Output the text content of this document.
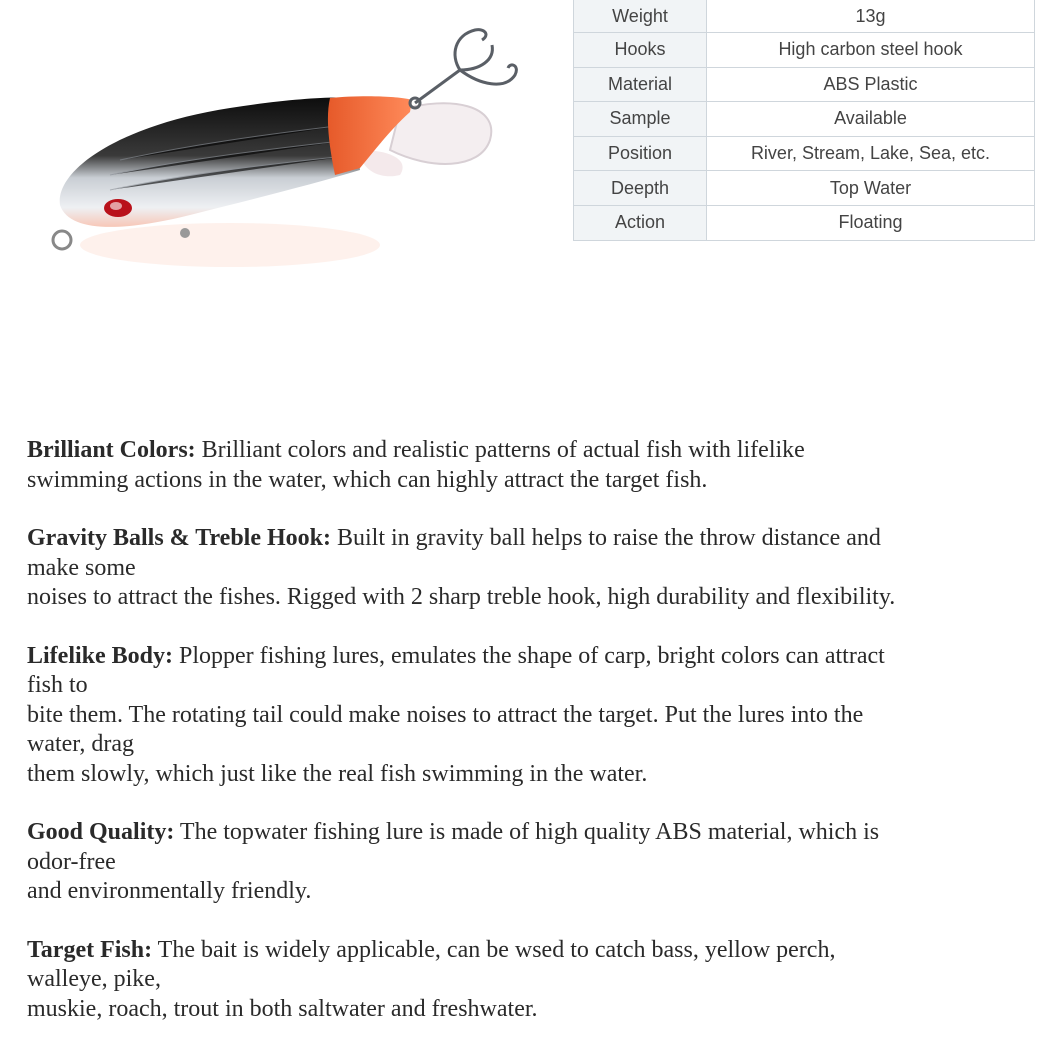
Weight	13g
Hooks	High carbon steel hook
Material	ABS Plastic
Sample	Available
Position	River, Stream, Lake, Sea, etc.
Deepth	Top Water
Action	Floating
Brilliant Colors: Brilliant colors and realistic patterns of actual fish with lifelike
swimming actions in the water, which can highly attract the target fish.
Gravity Balls & Treble Hook: Built in gravity ball helps to raise the throw distance and
make some
noises to attract the fishes. Rigged with 2 sharp treble hook, high durability and flexibility.
Lifelike Body: Plopper fishing lures, emulates the shape of carp, bright colors can attract
fish to
bite them. The rotating tail could make noises to attract the target. Put the lures into the
water, drag
them slowly, which just like the real fish swimming in the water.
Good Quality: The topwater fishing lure is made of high quality ABS material, which is
odor-free
and environmentally friendly.
Target Fish: The bait is widely applicable, can be wsed to catch bass, yellow perch,
walleye, pike,
muskie, roach, trout in both saltwater and freshwater.
